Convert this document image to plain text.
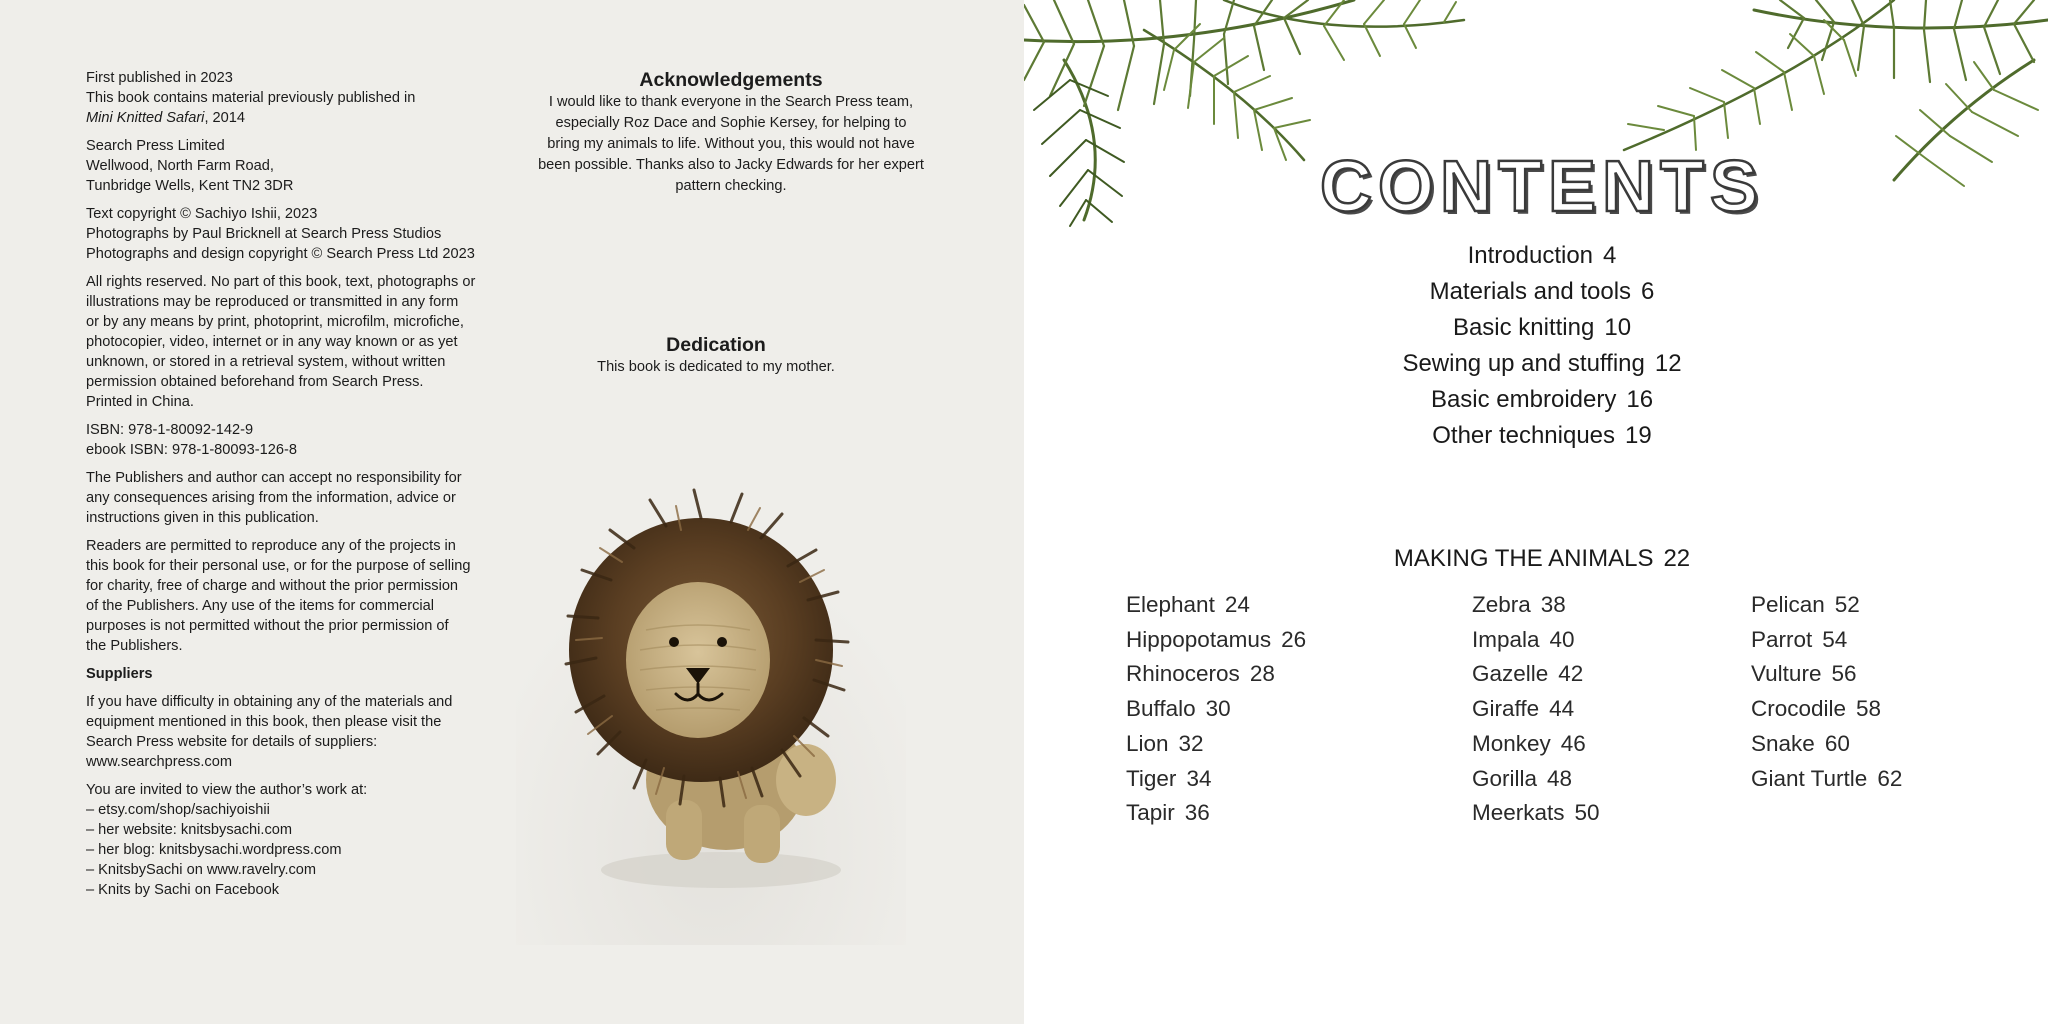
First published in 2023
This book contains material previously published in
Mini Knitted Safari, 2014

Search Press Limited
Wellwood, North Farm Road,
Tunbridge Wells, Kent TN2 3DR

Text copyright © Sachiyo Ishii, 2023
Photographs by Paul Bricknell at Search Press Studios
Photographs and design copyright © Search Press Ltd 2023

All rights reserved. No part of this book, text, photographs or
illustrations may be reproduced or transmitted in any form
or by any means by print, photoprint, microfilm, microfiche,
photocopier, video, internet or in any way known or as yet
unknown, or stored in a retrieval system, without written
permission obtained beforehand from Search Press.
Printed in China.

ISBN: 978-1-80092-142-9
ebook ISBN: 978-1-80093-126-8

The Publishers and author can accept no responsibility for
any consequences arising from the information, advice or
instructions given in this publication.

Readers are permitted to reproduce any of the projects in
this book for their personal use, or for the purpose of selling
for charity, free of charge and without the prior permission
of the Publishers. Any use of the items for commercial
purposes is not permitted without the prior permission of
the Publishers.

Suppliers

If you have difficulty in obtaining any of the materials and
equipment mentioned in this book, then please visit the
Search Press website for details of suppliers:
www.searchpress.com

You are invited to view the author’s work at:
– etsy.com/shop/sachiyoishii
– her website: knitsbysachi.com
– her blog: knitsbysachi.wordpress.com
– KnitsbySachi on www.ravelry.com
– Knits by Sachi on Facebook

Acknowledgements

I would like to thank everyone in the Search Press team,

especially Roz Dace and Sophie Kersey, for helping to

bring my animals to life. Without you, this would not have

been possible. Thanks also to Jacky Edwards for her expert

pattern checking.

Dedication

This book is dedicated to my mother.

CONTENTS
Introduction 4
Materials and tools 6
Basic knitting 10
Sewing up and stuffing 12
Basic embroidery 16
Other techniques 19
MAKING THE ANIMALS 22
Elephant 24
Hippopotamus 26
Rhinoceros 28
Buffalo 30
Lion 32
Tiger 34
Tapir 36
Zebra 38
Impala 40
Gazelle 42
Giraffe 44
Monkey 46
Gorilla 48
Meerkats 50
Pelican 52
Parrot 54
Vulture 56
Crocodile 58
Snake 60
Giant Turtle 62
